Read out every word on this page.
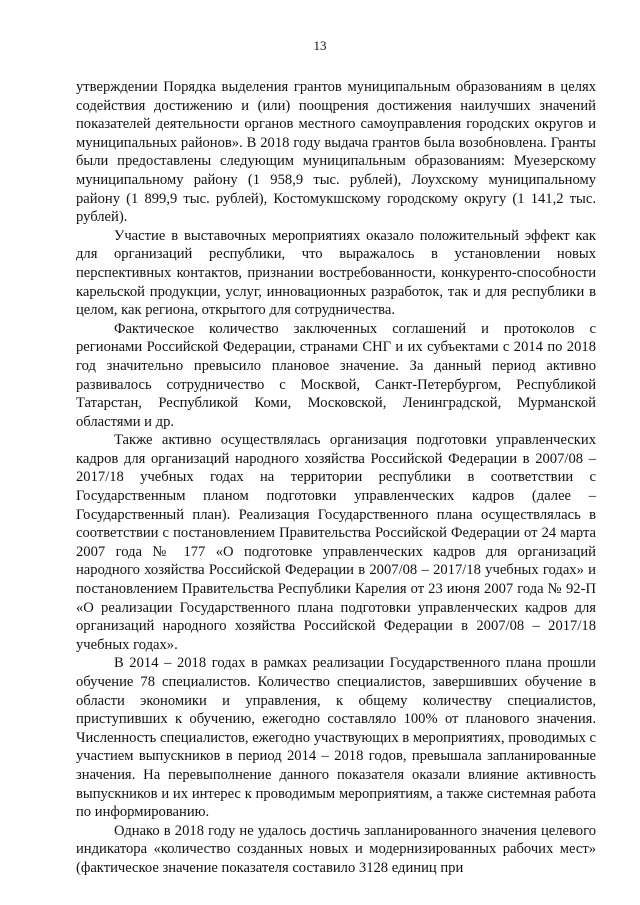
13

утверждении Порядка выделения грантов муниципальным образованиям в целях содействия достижению и (или) поощрения достижения наилучших значений показателей деятельности органов местного самоуправления городских округов и муниципальных районов». В 2018 году выдача грантов была возобновлена. Гранты были предоставлены следующим муниципальным образованиям: Муезерскому муниципальному району (1 958,9 тыс. рублей), Лоухскому муниципальному району (1 899,9 тыс. рублей), Костомукшскому городскому округу (1 141,2 тыс. рублей).

Участие в выставочных мероприятиях оказало положительный эффект как для организаций республики, что выражалось в установлении новых перспективных контактов, признании востребованности, конкуренто-способности карельской продукции, услуг, инновационных разработок, так и для республики в целом, как региона, открытого для сотрудничества.

Фактическое количество заключенных соглашений и протоколов с регионами Российской Федерации, странами СНГ и их субъектами с 2014 по 2018 год значительно превысило плановое значение. За данный период активно развивалось сотрудничество с Москвой, Санкт-Петербургом, Республикой Татарстан, Республикой Коми, Московской, Ленинградской, Мурманской областями и др.

Также активно осуществлялась организация подготовки управленческих кадров для организаций народного хозяйства Российской Федерации в 2007/08 – 2017/18 учебных годах на территории республики в соответствии с Государственным планом подготовки управленческих кадров (далее – Государственный план). Реализация Государственного плана осуществлялась в соответствии с постановлением Правительства Российской Федерации от 24 марта 2007 года № 177 «О подготовке управленческих кадров для организаций народного хозяйства Российской Федерации в 2007/08 – 2017/18 учебных годах» и постановлением Правительства Республики Карелия от 23 июня 2007 года № 92-П «О реализации Государственного плана подготовки управленческих кадров для организаций народного хозяйства Российской Федерации в 2007/08 – 2017/18 учебных годах».

В 2014 – 2018 годах в рамках реализации Государственного плана прошли обучение 78 специалистов. Количество специалистов, завершивших обучение в области экономики и управления, к общему количеству специалистов, приступивших к обучению, ежегодно составляло 100% от планового значения. Численность специалистов, ежегодно участвующих в мероприятиях, проводимых с участием выпускников в период 2014 – 2018 годов, превышала запланированные значения. На перевыполнение данного показателя оказали влияние активность выпускников и их интерес к проводимым мероприятиям, а также системная работа по информированию.

Однако в 2018 году не удалось достичь запланированного значения целевого индикатора «количество созданных новых и модернизированных рабочих мест» (фактическое значение показателя составило 3128 единиц при
